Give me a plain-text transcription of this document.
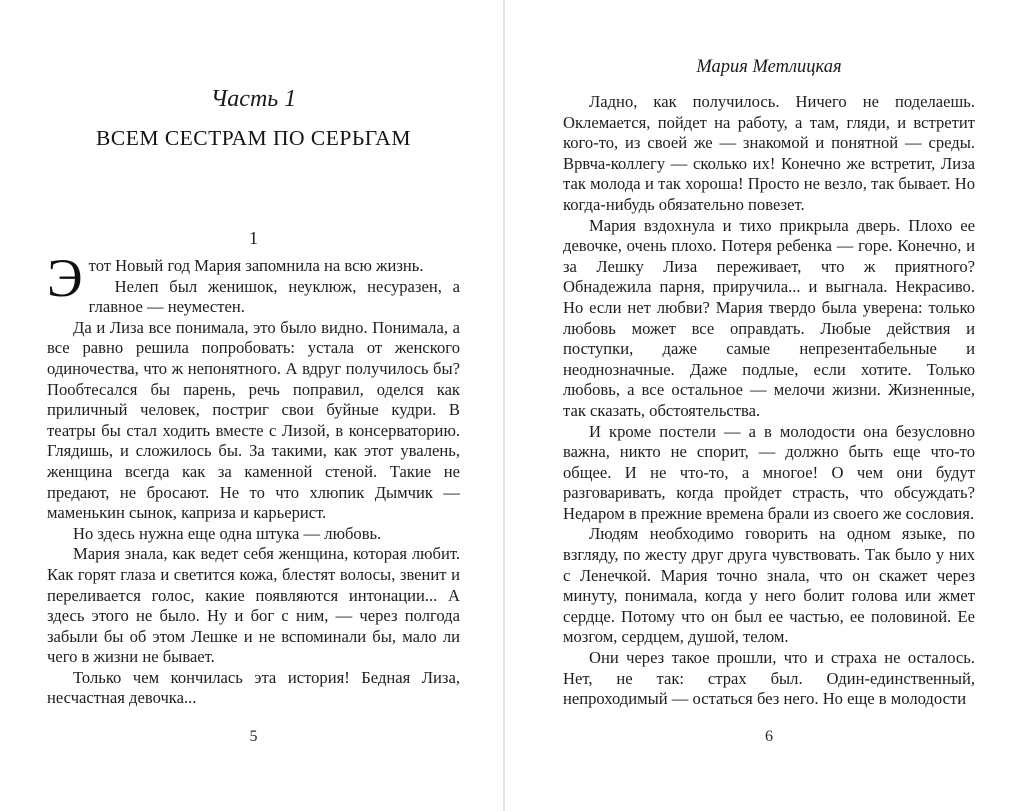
Часть 1
ВСЕМ СЕСТРАМ ПО СЕРЬГАМ
1

Этот Новый год Мария запомнила на всю жизнь.

Нелеп был женишок, неуклюж, несуразен, а главное — неуместен.

Да и Лиза все понимала, это было видно. Понимала, а все равно решила попробовать: устала от женского одиночества, что ж непонятного. А вдруг получилось бы? Пообтесался бы парень, речь поправил, оделся как приличный человек, постриг свои буйные кудри. В театры бы стал ходить вместе с Лизой, в консерваторию. Глядишь, и сложилось бы. За такими, как этот увалень, женщина всегда как за каменной стеной. Такие не предают, не бросают. Не то что хлюпик Дымчик — маменькин сынок, каприза и карьерист.

Но здесь нужна еще одна штука — любовь.

Мария знала, как ведет себя женщина, которая любит. Как горят глаза и светится кожа, блестят волосы, звенит и переливается голос, какие появляются интонации... А здесь этого не было. Ну и бог с ним, — через полгода забыли бы об этом Лешке и не вспоминали бы, мало ли чего в жизни не бывает.

Только чем кончилась эта история! Бедная Лиза, несчастная девочка...

5
Мария Метлицкая

Ладно, как получилось. Ничего не поделаешь. Оклемается, пойдет на работу, а там, гляди, и встретит кого-то, из своей же — знакомой и понятной — среды. Врвча-коллегу — сколько их! Конечно же встретит, Лиза так молода и так хороша! Просто не везло, так бывает. Но когда-нибудь обязательно повезет.

Мария вздохнула и тихо прикрыла дверь. Плохо ее девочке, очень плохо. Потеря ребенка — горе. Конечно, и за Лешку Лиза переживает, что ж приятного? Обнадежила парня, приручила... и выгнала. Некрасиво. Но если нет любви? Мария твердо была уверена: только любовь может все оправдать. Любые действия и поступки, даже самые непрезентабельные и неоднозначные. Даже подлые, если хотите. Только любовь, а все остальное — мелочи жизни. Жизненные, так сказать, обстоятельства.

И кроме постели — а в молодости она безусловно важна, никто не спорит, — должно быть еще что-то общее. И не что-то, а многое! О чем они будут разговаривать, когда пройдет страсть, что обсуждать? Недаром в прежние времена брали из своего же сословия.

Людям необходимо говорить на одном языке, по взгляду, по жесту друг друга чувствовать. Так было у них с Ленечкой. Мария точно знала, что он скажет через минуту, понимала, когда у него болит голова или жмет сердце. Потому что он был ее частью, ее половиной. Ее мозгом, сердцем, душой, телом.

Они через такое прошли, что и страха не осталось. Нет, не так: страх был. Один-единственный, непроходимый — остаться без него. Но еще в молодости

6
